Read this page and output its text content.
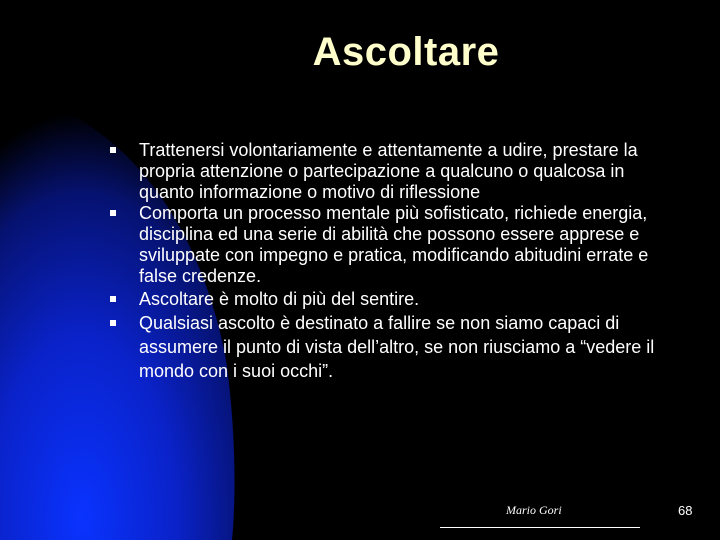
Ascoltare
Trattenersi volontariamente e attentamente a udire, prestare la propria attenzione o partecipazione a qualcuno o qualcosa in quanto informazione o motivo di riflessione
Comporta un processo mentale più sofisticato, richiede energia, disciplina ed una serie di abilità che possono essere apprese e sviluppate con impegno e pratica, modificando abitudini errate e false credenze.
Ascoltare è molto di più del sentire.
Qualsiasi ascolto è destinato a fallire se non siamo capaci di assumere il punto di vista dell’altro, se non riusciamo a “vedere il mondo con i suoi occhi”.
Mario Gori	68
